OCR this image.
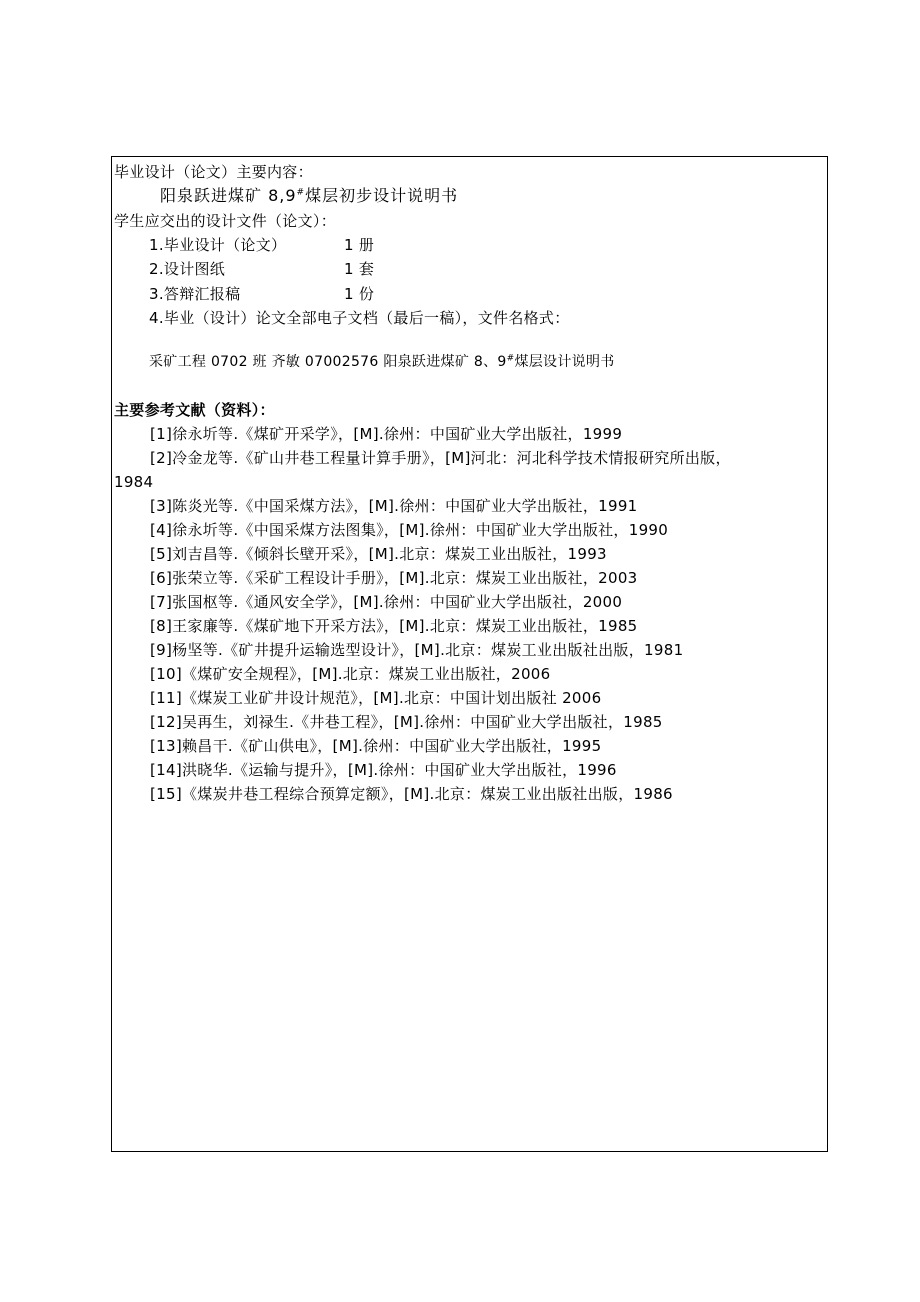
毕业设计（论文）主要内容：
阳泉跃进煤矿 8,9#煤层初步设计说明书
学生应交出的设计文件（论文）：
1.毕业设计（论文）	1 册
2.设计图纸	1 套
3.答辩汇报稿	1 份
4.毕业（设计）论文全部电子文档（最后一稿），文件名格式：
采矿工程 0702 班 齐敏 07002576 阳泉跃进煤矿 8、9#煤层设计说明书
主要参考文献（资料）：
[1]徐永圻等.《煤矿开采学》，[M].徐州：中国矿业大学出版社，1999
[2]冷金龙等.《矿山井巷工程量计算手册》，[M]河北：河北科学技术情报研究所出版，
1984
[3]陈炎光等.《中国采煤方法》，[M].徐州：中国矿业大学出版社，1991
[4]徐永圻等.《中国采煤方法图集》，[M].徐州：中国矿业大学出版社，1990
[5]刘吉昌等.《倾斜长壁开采》，[M].北京：煤炭工业出版社，1993
[6]张荣立等.《采矿工程设计手册》，[M].北京：煤炭工业出版社，2003
[7]张国枢等.《通风安全学》，[M].徐州：中国矿业大学出版社，2000
[8]王家廉等.《煤矿地下开采方法》，[M].北京：煤炭工业出版社，1985
[9]杨坚等.《矿井提升运输选型设计》，[M].北京：煤炭工业出版社出版，1981
[10]《煤矿安全规程》，[M].北京：煤炭工业出版社，2006
[11]《煤炭工业矿井设计规范》，[M].北京：中国计划出版社 2006
[12]吴再生，刘禄生.《井巷工程》，[M].徐州：中国矿业大学出版社，1985
[13]赖昌干.《矿山供电》，[M].徐州：中国矿业大学出版社，1995
[14]洪晓华.《运输与提升》，[M].徐州：中国矿业大学出版社，1996
[15]《煤炭井巷工程综合预算定额》，[M].北京：煤炭工业出版社出版，1986
